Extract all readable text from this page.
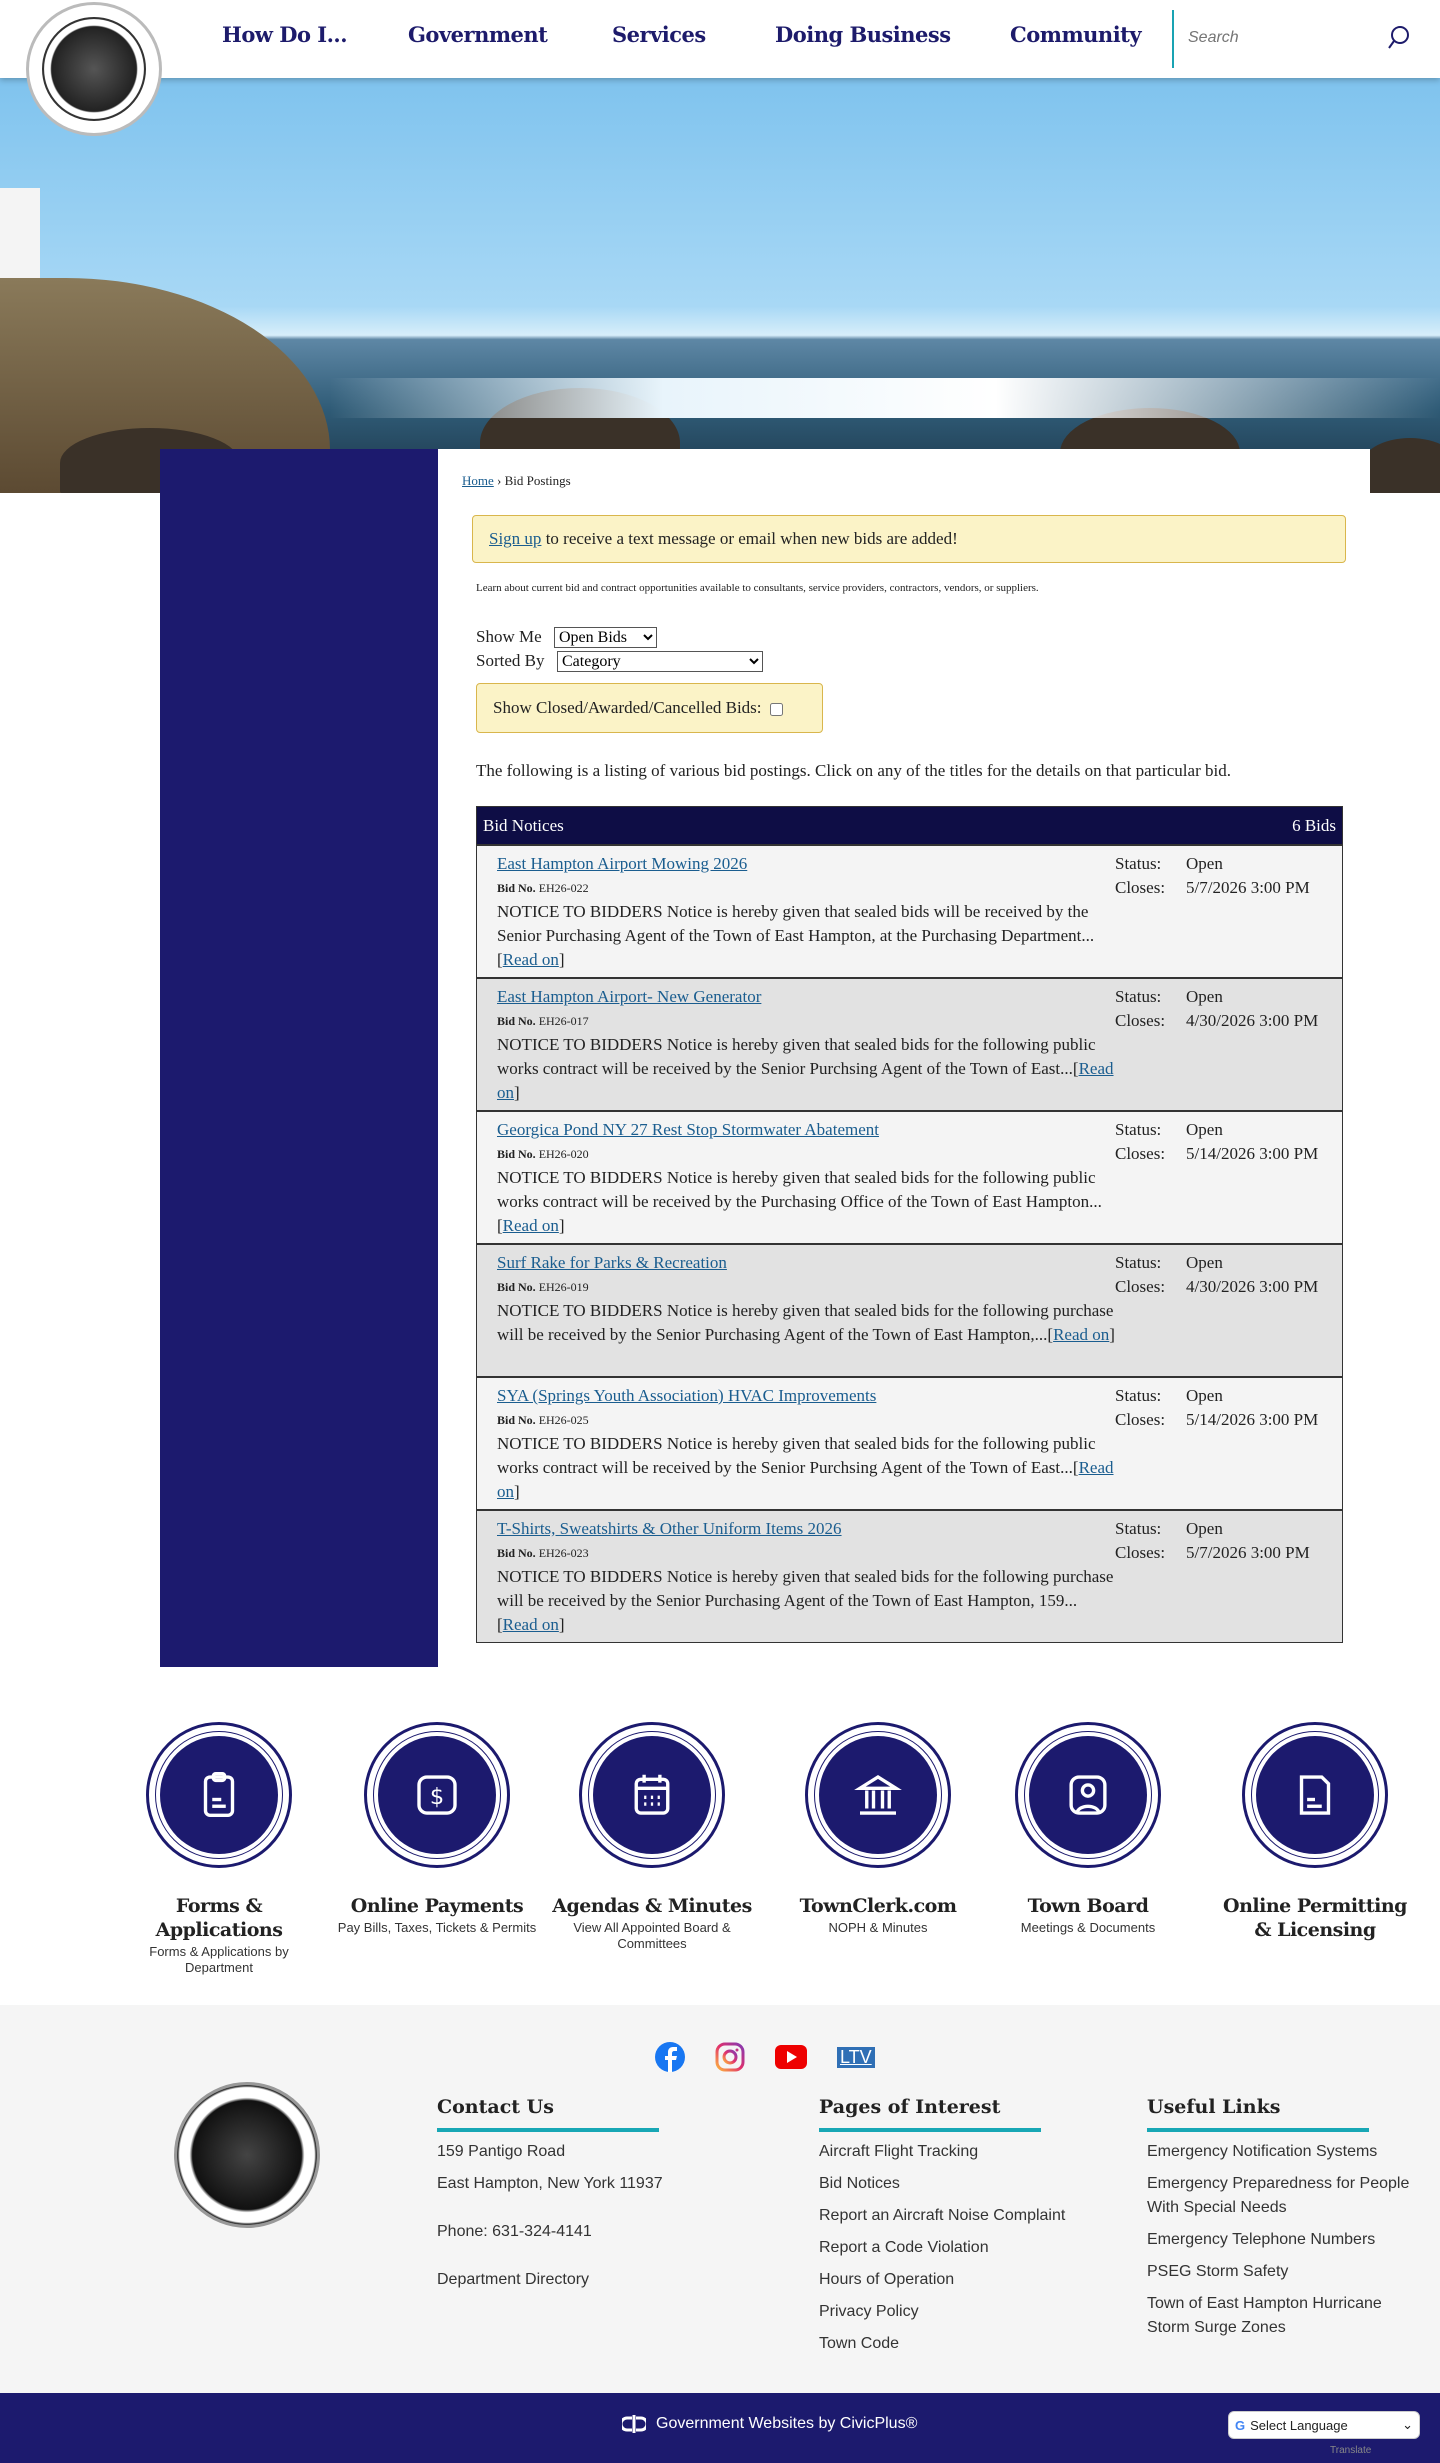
How Do I...	Government	Services	Doing Business	Community
Search
Home › Bid Postings
Sign up to receive a text message or email when new bids are added!
Learn about current bid and contract opportunities available to consultants, service providers, contractors, vendors, or suppliers.
Show Me
Open Bids
Sorted By
Category
Show Closed/Awarded/Cancelled Bids:
The following is a listing of various bid postings. Click on any of the titles for the details on that particular bid.
Bid Notices	6 Bids
East Hampton Airport Mowing 2026
Bid No. EH26-022
NOTICE TO BIDDERS Notice is hereby given that sealed bids will be received by the Senior Purchasing Agent of the Town of East Hampton, at the Purchasing Department...[Read on]
Status:	Open
Closes:	5/7/2026 3:00 PM
East Hampton Airport- New Generator
Bid No. EH26-017
NOTICE TO BIDDERS Notice is hereby given that sealed bids for the following public works contract will be received by the Senior Purchsing Agent of the Town of East...[Read on]
Status:	Open
Closes:	4/30/2026 3:00 PM
Georgica Pond NY 27 Rest Stop Stormwater Abatement
Bid No. EH26-020
NOTICE TO BIDDERS Notice is hereby given that sealed bids for the following public works contract will be received by the Purchasing Office of the Town of East Hampton...[Read on]
Status:	Open
Closes:	5/14/2026 3:00 PM
Surf Rake for Parks & Recreation
Bid No. EH26-019
NOTICE TO BIDDERS Notice is hereby given that sealed bids for the following purchase will be received by the Senior Purchasing Agent of the Town of East Hampton,...[Read on]
Status:	Open
Closes:	4/30/2026 3:00 PM
SYA (Springs Youth Association) HVAC Improvements
Bid No. EH26-025
NOTICE TO BIDDERS Notice is hereby given that sealed bids for the following public works contract will be received by the Senior Purchsing Agent of the Town of East...[Read on]
Status:	Open
Closes:	5/14/2026 3:00 PM
T-Shirts, Sweatshirts & Other Uniform Items 2026
Bid No. EH26-023
NOTICE TO BIDDERS Notice is hereby given that sealed bids for the following purchase will be received by the Senior Purchasing Agent of the Town of East Hampton, 159...[Read on]
Status:	Open
Closes:	5/7/2026 3:00 PM
Forms & Applications
Forms & Applications by Department
$
Online Payments
Pay Bills, Taxes, Tickets & Permits
Agendas & Minutes
View All Appointed Board & Committees
TownClerk.com
NOPH & Minutes
Town Board
Meetings & Documents
Online Permitting & Licensing
LTV
Contact Us
159 Pantigo Road
East Hampton, New York 11937
Phone: 631-324-4141
Department Directory
Pages of Interest
Aircraft Flight Tracking
Bid Notices
Report an Aircraft Noise Complaint
Report a Code Violation
Hours of Operation
Privacy Policy
Town Code
Useful Links
Emergency Notification Systems
Emergency Preparedness for People With Special Needs
Emergency Telephone Numbers
PSEG Storm Safety
Town of East Hampton Hurricane Storm Surge Zones
Government Websites by CivicPlus®	G Select Language	⌄
Translate
